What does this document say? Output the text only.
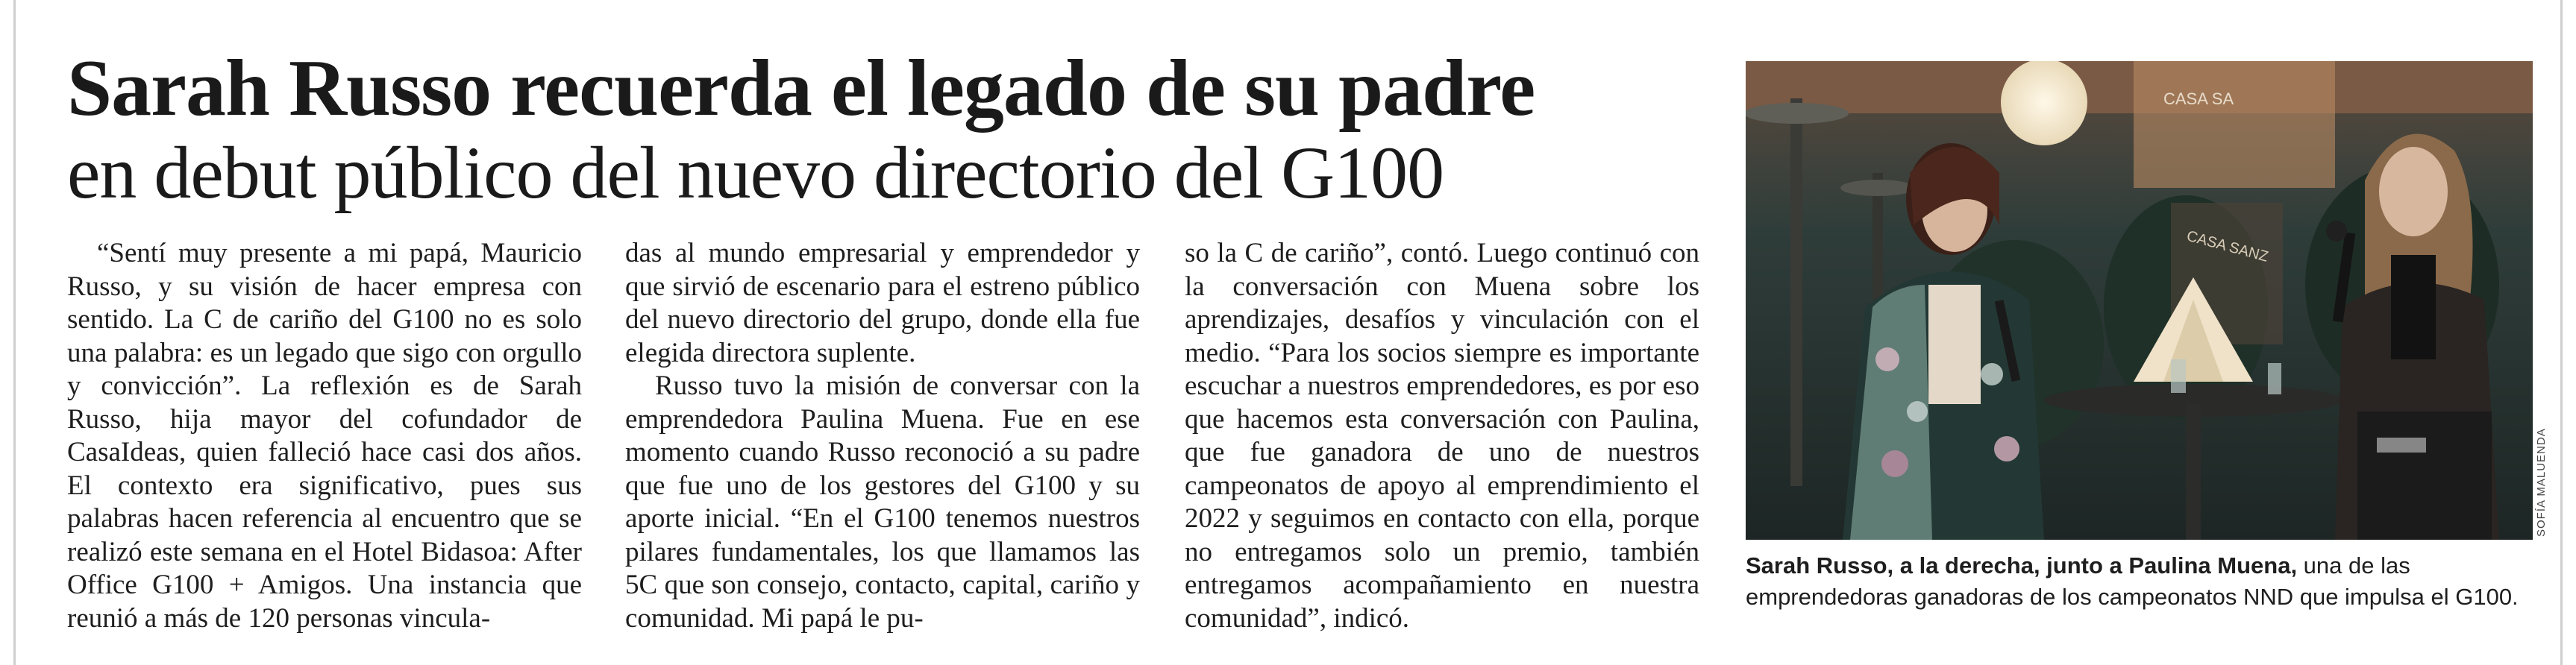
Sarah Russo recuerda el legado de su padre
en debut público del nuevo directorio del G100

“Sentí muy presente a mi papá, Mauricio Russo, y su visión de hacer empresa con sentido. La C de cariño del G100 no es solo una palabra: es un legado que sigo con orgullo y convicción”. La reflexión es de Sarah Russo, hija mayor del cofundador de CasaIdeas, quien falleció hace casi dos años. El contexto era significativo, pues sus palabras hacen referencia al encuentro que se realizó este semana en el Hotel Bidasoa: After Office G100 + Amigos. Una instancia que reunió a más de 120 personas vincula-

das al mundo empresarial y emprendedor y que sirvió de escenario para el estreno público del nuevo directorio del grupo, donde ella fue elegida directora suplente.

Russo tuvo la misión de conversar con la emprendedora Paulina Muena. Fue en ese momento cuando Russo reconoció a su padre que fue uno de los gestores del G100 y su aporte inicial. “En el G100 tenemos nuestros pilares fundamentales, los que llamamos las 5C que son consejo, contacto, capital, cariño y comunidad. Mi papá le pu-

so la C de cariño”, contó. Luego continuó con la conversación con Muena sobre los aprendizajes, desafíos y vinculación con el medio. “Para los socios siempre es importante escuchar a nuestros emprendedores, es por eso que hacemos esta conversación con Paulina, que fue ganadora de uno de nuestros campeonatos de apoyo al emprendimiento el 2022 y seguimos en contacto con ella, porque no entregamos solo un premio, también entregamos acompañamiento en nuestra comunidad”, indicó.

CASA SA
CASA SANZ
SOFÍA MALUENDA
Sarah Russo, a la derecha, junto a Paulina Muena, una de las emprendedoras ganadoras de los campeonatos NND que impulsa el G100.
